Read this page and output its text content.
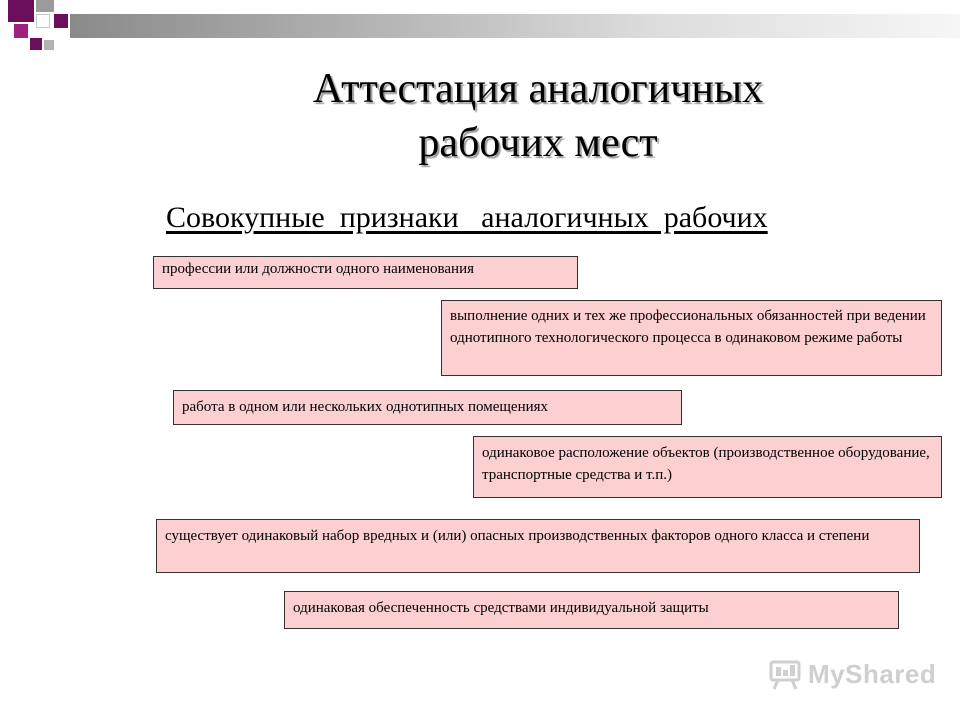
Аттестация аналогичных
рабочих мест
Совокупные  признаки   аналогичных  рабочих
профессии или должности одного наименования
выполнение одних и тех же профессиональных обязанностей при ведении однотипного технологического процесса в одинаковом режиме работы
работа в одном или нескольких однотипных помещениях
одинаковое расположение объектов (производственное оборудование, транспортные средства и т.п.)
существует одинаковый набор вредных и (или) опасных производственных факторов одного класса и степени
одинаковая обеспеченность средствами индивидуальной защиты
MyShared
